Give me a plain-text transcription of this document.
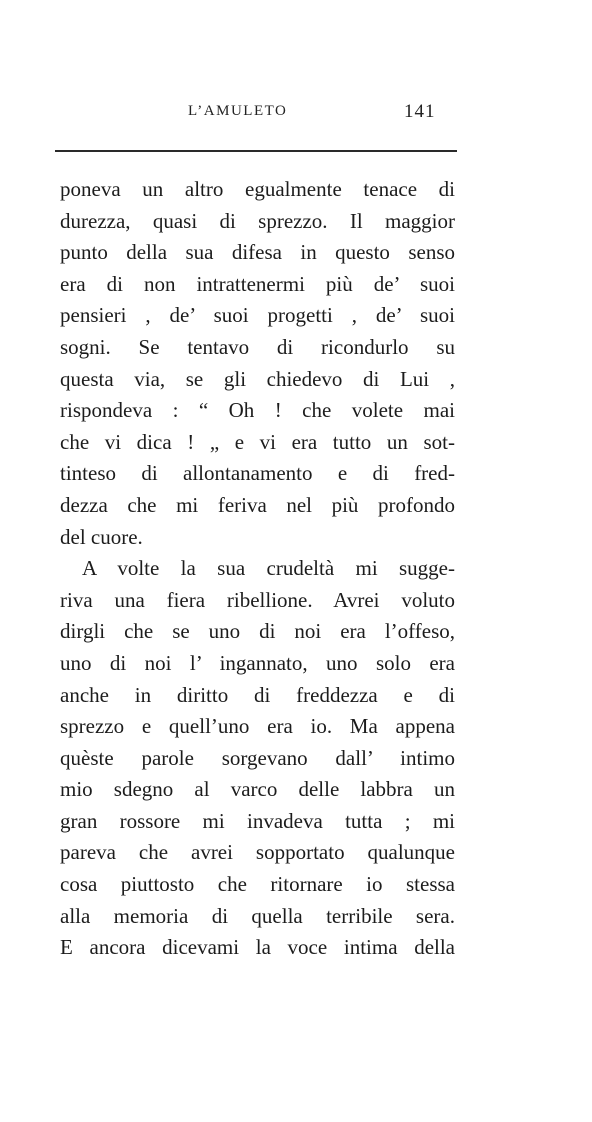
L’AMULETO	141
poneva un altro egualmente tenace di
durezza, quasi di sprezzo. Il maggior
punto della sua difesa in questo senso
era di non intrattenermi più de’ suoi
pensieri , de’ suoi progetti , de’ suoi
sogni. Se tentavo di ricondurlo su
questa via, se gli chiedevo di Lui ,
rispondeva : “ Oh ! che volete mai
che vi dica ! „ e vi era tutto un sot-
tinteso di allontanamento e di fred-
dezza che mi feriva nel più profondo
del cuore.
A volte la sua crudeltà mi sugge-
riva una fiera ribellione. Avrei voluto
dirgli che se uno di noi era l’offeso,
uno di noi l’ ingannato, uno solo era
anche in diritto di freddezza e di
sprezzo e quell’uno era io. Ma appena
quèste parole sorgevano dall’ intimo
mio sdegno al varco delle labbra un
gran rossore mi invadeva tutta ; mi
pareva che avrei sopportato qualunque
cosa piuttosto che ritornare io stessa
alla memoria di quella terribile sera.
E ancora dicevami la voce intima della
